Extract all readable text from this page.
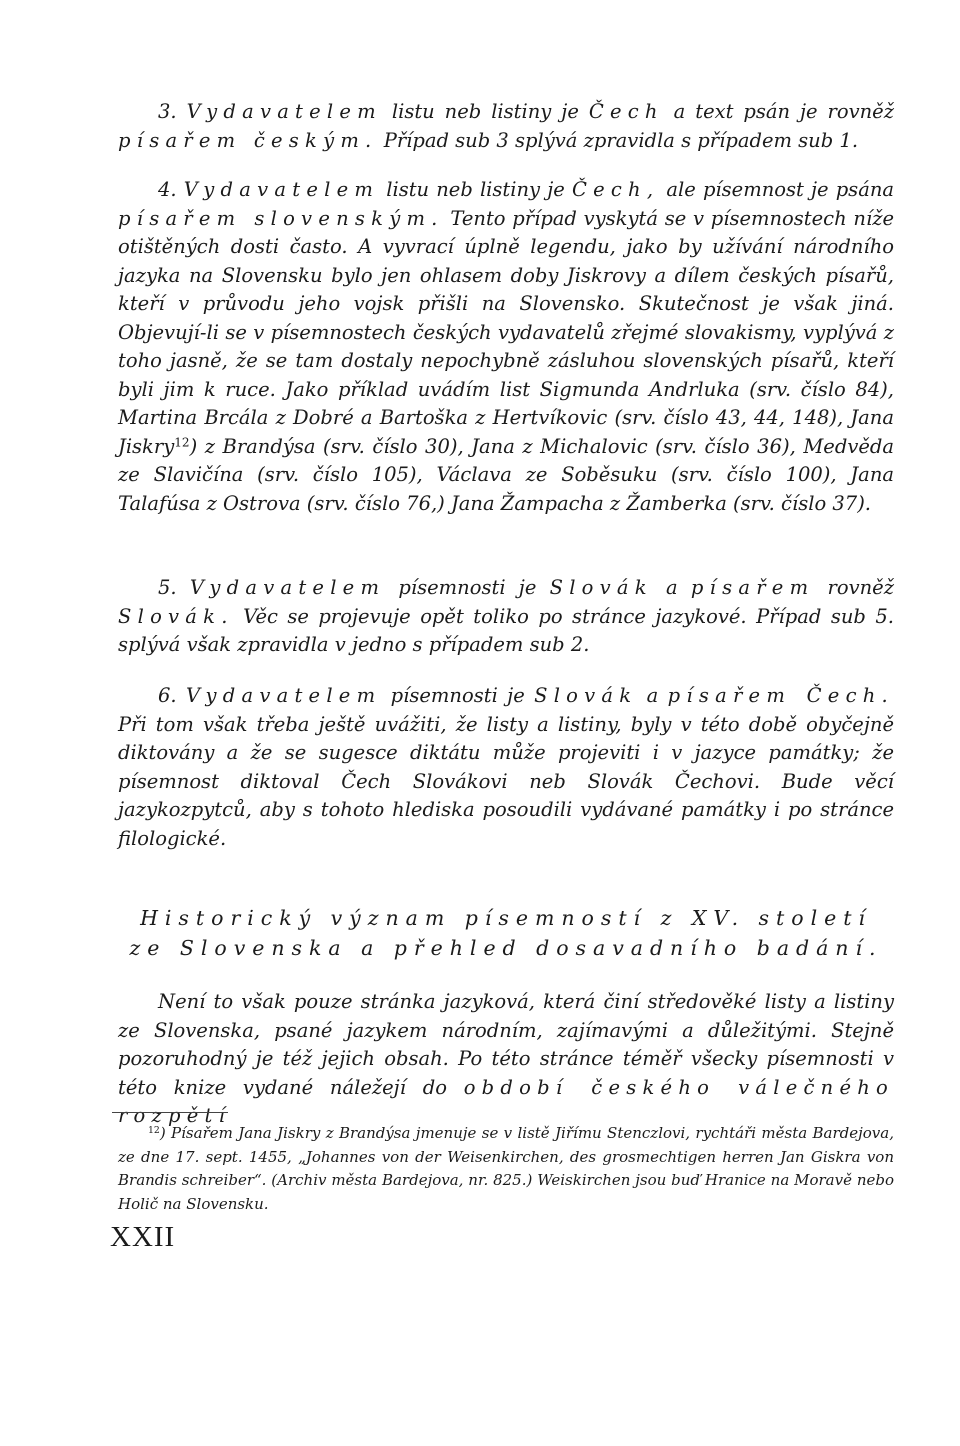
3. Vydavatelem listu neb listiny je Čech a text psán je rovněž písařem českým. Případ sub 3 splývá zpravidla s případem sub 1.

4. Vydavatelem listu neb listiny je Čech, ale písemnost je psána písařem slovenským. Tento případ vyskytá se v písemnostech níže otištěných dosti často. A vyvrací úplně legendu, jako by užívání národního jazyka na Slovensku bylo jen ohlasem doby Jiskrovy a dílem českých písařů, kteří v průvodu jeho vojsk přišli na Slovensko. Skutečnost je však jiná. Objevují-li se v písemnostech českých vydavatelů zřejmé slovakismy, vyplývá z toho jasně, že se tam dostaly nepochybně zásluhou slovenských písařů, kteří byli jim k ruce. Jako příklad uvádím list Sigmunda Andrluka (srv. číslo 84), Martina Brcála z Dobré a Bartoška z Hertvíkovic (srv. číslo 43, 44, 148), Jana Jiskry$^{12}$) z Brandýsa (srv. číslo 30), Jana z Michalovic (srv. číslo 36), Medvěda ze Slavičína (srv. číslo 105), Václava ze Soběsuku (srv. číslo 100), Jana Talafúsa z Ostrova (srv. číslo 76,) Jana Žampacha z Žamberka (srv. číslo 37).

5. Vydavatelem písemnosti je Slovák a písařem rovněž Slovák. Věc se projevuje opět toliko po stránce jazykové. Případ sub 5. splývá však zpravidla v jedno s případem sub 2.

6. Vydavatelem písemnosti je Slovák a písařem Čech. Při tom však třeba ještě uvážiti, že listy a listiny, byly v této době obyčejně diktovány a že se sugesce diktátu může projeviti i v jazyce památky; že písemnost diktoval Čech Slovákovi neb Slovák Čechovi. Bude věcí jazykozpytců, aby s tohoto hlediska posoudili vydávané památky i po stránce filologické.

Historický význam písemností z XV. století
ze Slovenska a přehled dosavadního badání.

Není to však pouze stránka jazyková, která činí středověké listy a listiny ze Slovenska, psané jazykem národním, zajímavými a důležitými. Stejně pozoruhodný je též jejich obsah. Po této stránce téměř všecky písemnosti v této knize vydané náležejí do období českého válečného rozpětí

$^{12}$) Písařem Jana Jiskry z Brandýsa jmenuje se v listě Jiřímu Stenczlovi, rychtáři města Bardejova, ze dne 17. sept. 1455, „Johannes von der Weisenkirchen, des grosmechtigen herren Jan Giskra von Brandis schreiber“. (Archiv města Bardejova, nr. 825.) Weiskirchen jsou buď Hranice na Moravě nebo Holič na Slovensku.

XXII
